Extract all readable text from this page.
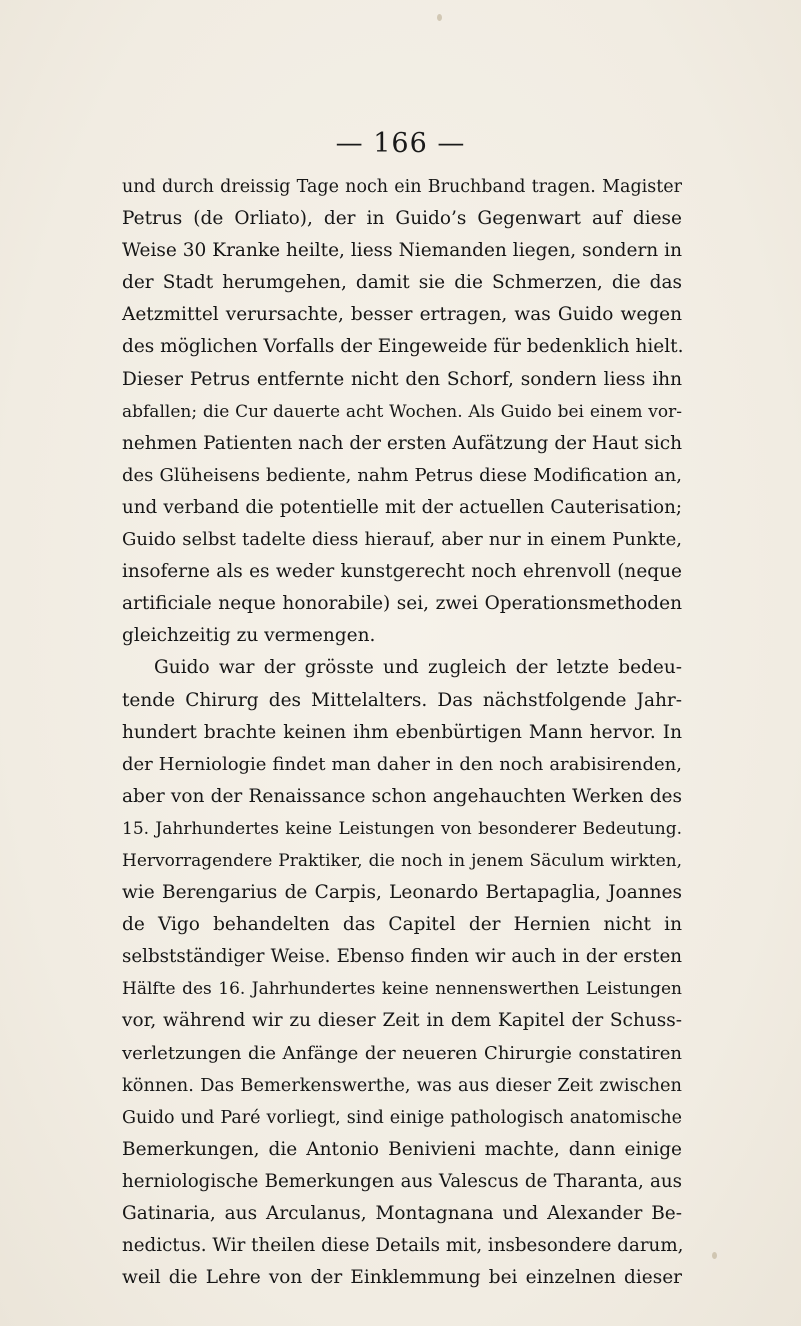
— 166 —
und durch dreissig Tage noch ein Bruchband tragen. Magister
Petrus (de Orliato), der in Guido’s Gegenwart auf diese
Weise 30 Kranke heilte, liess Niemanden liegen, sondern in
der Stadt herumgehen, damit sie die Schmerzen, die das
Aetzmittel verursachte, besser ertragen, was Guido wegen
des möglichen Vorfalls der Eingeweide für bedenklich hielt.
Dieser Petrus entfernte nicht den Schorf, sondern liess ihn
abfallen; die Cur dauerte acht Wochen. Als Guido bei einem vor-
nehmen Patienten nach der ersten Aufätzung der Haut sich
des Glüheisens bediente, nahm Petrus diese Modification an,
und verband die potentielle mit der actuellen Cauterisation;
Guido selbst tadelte diess hierauf, aber nur in einem Punkte,
insoferne als es weder kunstgerecht noch ehrenvoll (neque
artificiale neque honorabile) sei, zwei Operationsmethoden
gleichzeitig zu vermengen.
Guido war der grösste und zugleich der letzte bedeu-
tende Chirurg des Mittelalters. Das nächstfolgende Jahr-
hundert brachte keinen ihm ebenbürtigen Mann hervor. In
der Herniologie findet man daher in den noch arabisirenden,
aber von der Renaissance schon angehauchten Werken des
15. Jahrhundertes keine Leistungen von besonderer Bedeutung.
Hervorragendere Praktiker, die noch in jenem Säculum wirkten,
wie Berengarius de Carpis, Leonardo Bertapaglia, Joannes
de Vigo behandelten das Capitel der Hernien nicht in
selbstständiger Weise. Ebenso finden wir auch in der ersten
Hälfte des 16. Jahrhundertes keine nennenswerthen Leistungen
vor, während wir zu dieser Zeit in dem Kapitel der Schuss-
verletzungen die Anfänge der neueren Chirurgie constatiren
können. Das Bemerkenswerthe, was aus dieser Zeit zwischen
Guido und Paré vorliegt, sind einige pathologisch anatomische
Bemerkungen, die Antonio Benivieni machte, dann einige
herniologische Bemerkungen aus Valescus de Tharanta, aus
Gatinaria, aus Arculanus, Montagnana und Alexander Be-
nedictus. Wir theilen diese Details mit, insbesondere darum,
weil die Lehre von der Einklemmung bei einzelnen dieser
